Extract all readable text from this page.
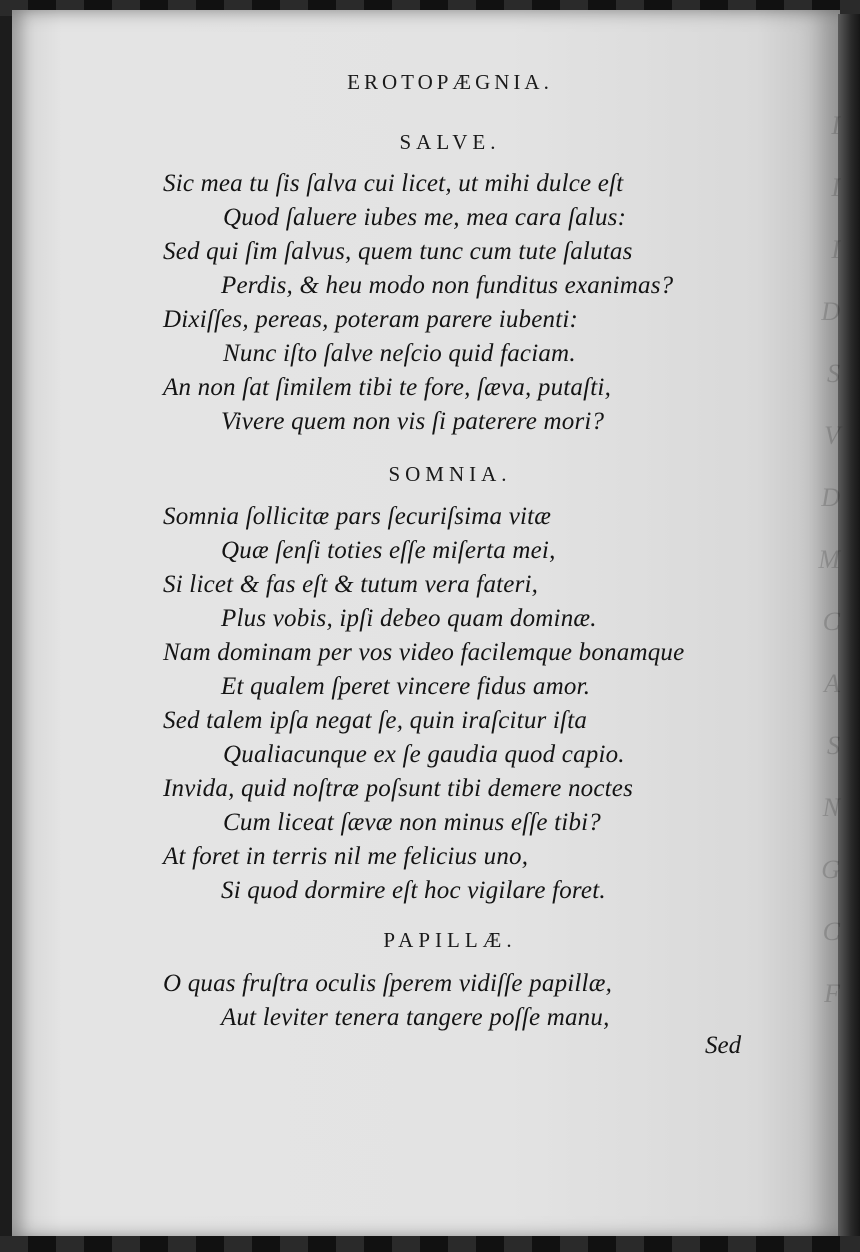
EROTOPÆGNIA.
SALVE.
Sic mea tu ſis ſalva cui licet, ut mihi dulce eſt
Quod ſaluere iubes me, mea cara ſalus:
Sed qui ſim ſalvus, quem tunc cum tute ſalutas
Perdis, & heu modo non funditus exanimas?
Dixiſſes, pereas, poteram parere iubenti:
Nunc iſto ſalve neſcio quid faciam.
An non ſat ſimilem tibi te fore, ſæva, putaſti,
Vivere quem non vis ſi paterere mori?
SOMNIA.
Somnia ſollicitæ pars ſecuriſsima vitæ
Quæ ſenſi toties eſſe miſerta mei,
Si licet & fas eſt & tutum vera fateri,
Plus vobis, ipſi debeo quam dominæ.
Nam dominam per vos video facilemque bonamque
Et qualem ſperet vincere fidus amor.
Sed talem ipſa negat ſe, quin iraſcitur iſta
Qualiacunque ex ſe gaudia quod capio.
Invida, quid noſtræ poſsunt tibi demere noctes
Cum liceat ſævæ non minus eſſe tibi?
At foret in terris nil me felicius uno,
Si quod dormire eſt hoc vigilare foret.
PAPILLÆ.
O quas fruſtra oculis ſperem vidiſſe papillæ,
Aut leviter tenera tangere poſſe manu,
Sed
